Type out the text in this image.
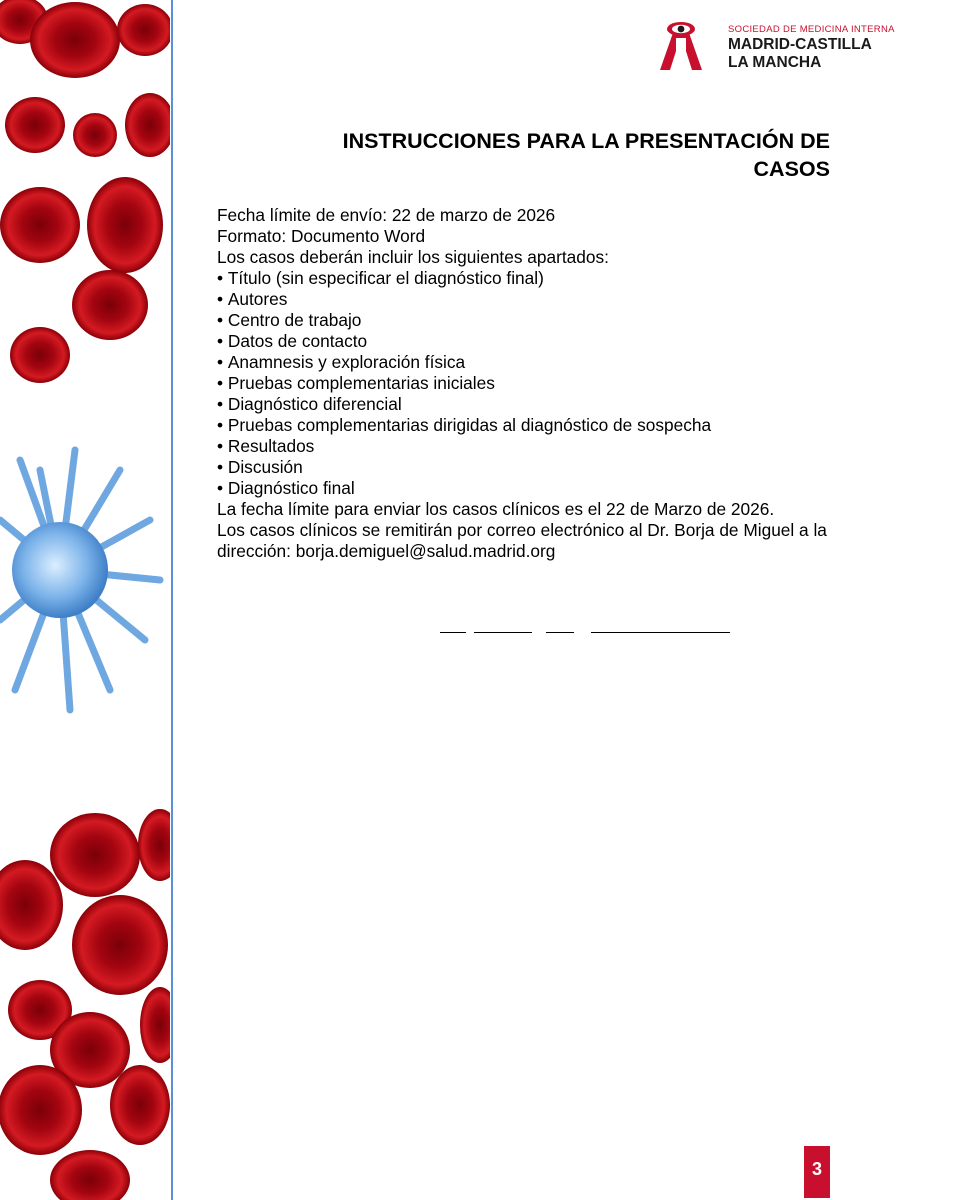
SOCIEDAD DE MEDICINA INTERNA
MADRID-CASTILLA
LA MANCHA
INSTRUCCIONES PARA LA PRESENTACIÓN DE
CASOS

Fecha límite de envío: 22 de marzo de 2026

Formato: Documento Word

Los casos deberán incluir los siguientes apartados:

• Título (sin especificar el diagnóstico final)
• Autores
• Centro de trabajo
• Datos de contacto
• Anamnesis y exploración física
• Pruebas complementarias iniciales
• Diagnóstico diferencial
• Pruebas complementarias dirigidas al diagnóstico de sospecha
• Resultados
• Discusión
• Diagnóstico final

La fecha límite para enviar los casos clínicos es el 22 de Marzo de 2026.

Los casos clínicos se remitirán por correo electrónico al Dr. Borja de Miguel a la dirección: borja.demiguel@salud.madrid.org

3
